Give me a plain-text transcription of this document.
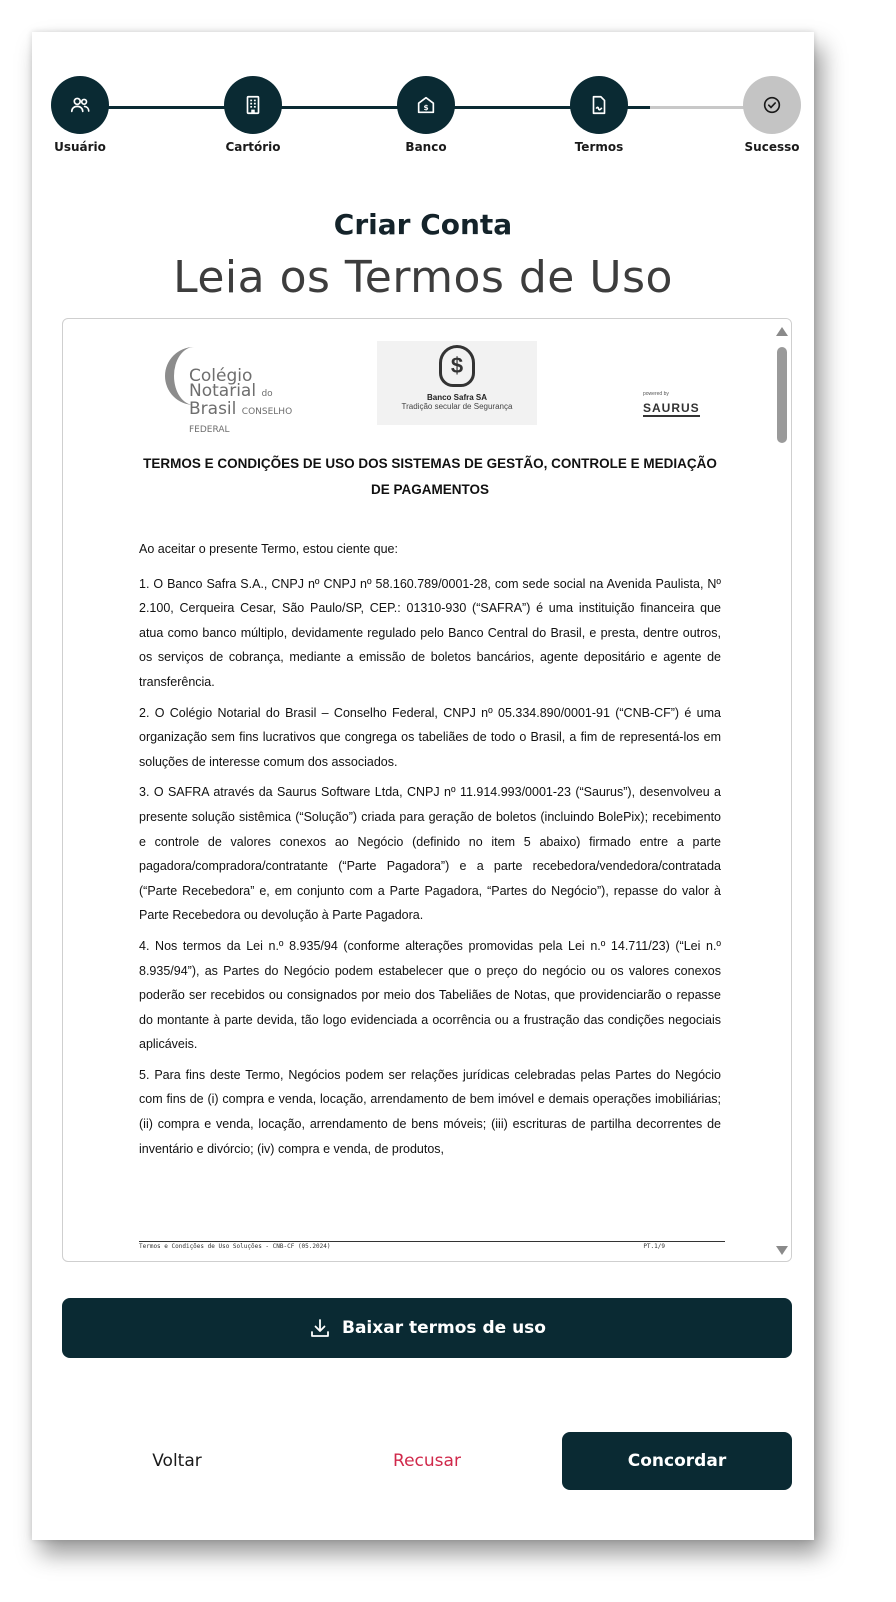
Usuário	Cartório
$
Banco	Termos	Sucesso
Criar Conta
Leia os Termos de Uso
Colégio
Notarial do
Brasil CONSELHO FEDERAL
$
Banco Safra SA
Tradição secular de Segurança
powered by
SAURUS
TERMOS E CONDIÇÕES DE USO DOS SISTEMAS DE GESTÃO, CONTROLE E MEDIAÇÃO DE PAGAMENTOS

Ao aceitar o presente Termo, estou ciente que:

1. O Banco Safra S.A., CNPJ nº CNPJ nº 58.160.789/0001-28, com sede social na Avenida Paulista, Nº 2.100, Cerqueira Cesar, São Paulo/SP, CEP.: 01310-930 (“SAFRA”) é uma instituição financeira que atua como banco múltiplo, devidamente regulado pelo Banco Central do Brasil, e presta, dentre outros, os serviços de cobrança, mediante a emissão de boletos bancários, agente depositário e agente de transferência.

2. O Colégio Notarial do Brasil – Conselho Federal, CNPJ nº 05.334.890/0001-91 (“CNB-CF”) é uma organização sem fins lucrativos que congrega os tabeliães de todo o Brasil, a fim de representá-los em soluções de interesse comum dos associados.

3. O SAFRA através da Saurus Software Ltda, CNPJ nº 11.914.993/0001-23 (“Saurus”), desenvolveu a presente solução sistêmica (“Solução”) criada para geração de boletos (incluindo BolePix); recebimento e controle de valores conexos ao Negócio (definido no item 5 abaixo) firmado entre a parte pagadora/compradora/contratante (“Parte Pagadora”) e a parte recebedora/vendedora/contratada (“Parte Recebedora” e, em conjunto com a Parte Pagadora, “Partes do Negócio”), repasse do valor à Parte Recebedora ou devolução à Parte Pagadora.

4. Nos termos da Lei n.º 8.935/94 (conforme alterações promovidas pela Lei n.º 14.711/23) (“Lei n.º 8.935/94”), as Partes do Negócio podem estabelecer que o preço do negócio ou os valores conexos poderão ser recebidos ou consignados por meio dos Tabeliães de Notas, que providenciarão o repasse do montante à parte devida, tão logo evidenciada a ocorrência ou a frustração das condições negociais aplicáveis.

5. Para fins deste Termo, Negócios podem ser relações jurídicas celebradas pelas Partes do Negócio com fins de (i) compra e venda, locação, arrendamento de bem imóvel e demais operações imobiliárias; (ii) compra e venda, locação, arrendamento de bens móveis; (iii) escrituras de partilha decorrentes de inventário e divórcio; (iv) compra e venda, de produtos,

Termos e Condições de Uso Soluções - CNB-CF (05.2024)	PT.1/9
Baixar termos de uso
Voltar	Recusar	Concordar
